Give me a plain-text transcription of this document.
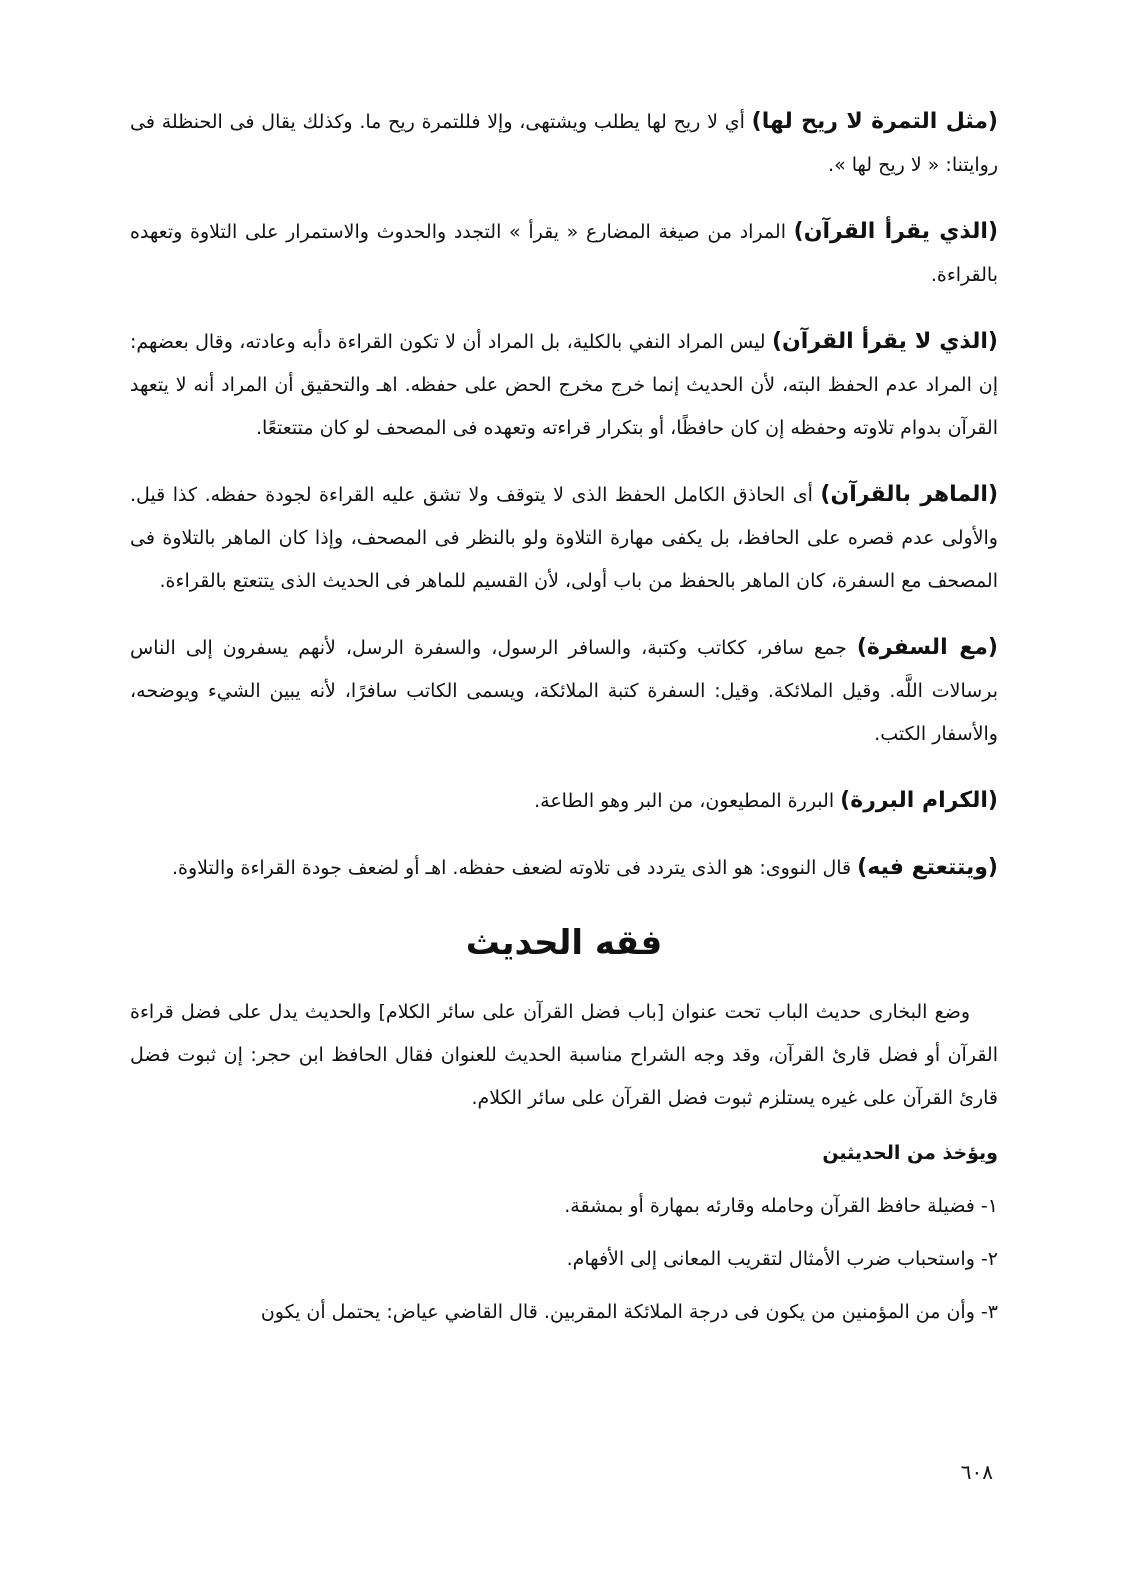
(مثل التمرة لا ريح لها) أي لا ريح لها يطلب ويشتهى، وإلا فللتمرة ريح ما. وكذلك يقال فى الحنظلة فى روايتنا: « لا ريح لها ».

(الذي يقرأ القرآن) المراد من صيغة المضارع « يقرأ » التجدد والحدوث والاستمرار على التلاوة وتعهده بالقراءة.

(الذي لا يقرأ القرآن) ليس المراد النفي بالكلية، بل المراد أن لا تكون القراءة دأبه وعادته، وقال بعضهم: إن المراد عدم الحفظ البته، لأن الحديث إنما خرج مخرج الحض على حفظه. اهـ والتحقيق أن المراد أنه لا يتعهد القرآن بدوام تلاوته وحفظه إن كان حافظًا، أو بتكرار قراءته وتعهده فى المصحف لو كان متتعتعًا.

(الماهر بالقرآن) أى الحاذق الكامل الحفظ الذى لا يتوقف ولا تشق عليه القراءة لجودة حفظه. كذا قيل. والأولى عدم قصره على الحافظ، بل يكفى مهارة التلاوة ولو بالنظر فى المصحف، وإذا كان الماهر بالتلاوة فى المصحف مع السفرة، كان الماهر بالحفظ من باب أولى، لأن القسيم للماهر فى الحديث الذى يتتعتع بالقراءة.

(مع السفرة) جمع سافر، ككاتب وكتبة، والسافر الرسول، والسفرة الرسل، لأنهم يسفرون إلى الناس برسالات اللَّه. وقيل الملائكة. وقيل: السفرة كتبة الملائكة، ويسمى الكاتب سافرًا، لأنه يبين الشيء ويوضحه، والأسفار الكتب.

(الكرام البررة) البررة المطيعون، من البر وهو الطاعة.

(ويتتعتع فيه) قال النووى: هو الذى يتردد فى تلاوته لضعف حفظه. اهـ أو لضعف جودة القراءة والتلاوة.

فقه الحديث

وضع البخارى حديث الباب تحت عنوان [باب فضل القرآن على سائر الكلام] والحديث يدل على فضل قراءة القرآن أو فضل قارئ القرآن، وقد وجه الشراح مناسبة الحديث للعنوان فقال الحافظ ابن حجر: إن ثبوت فضل قارئ القرآن على غيره يستلزم ثبوت فضل القرآن على سائر الكلام.

ويؤخذ من الحديثين

١- فضيلة حافظ القرآن وحامله وقارئه بمهارة أو بمشقة.

٢- واستحباب ضرب الأمثال لتقريب المعانى إلى الأفهام.

٣- وأن من المؤمنين من يكون فى درجة الملائكة المقربين. قال القاضي عياض: يحتمل أن يكون

٦٠٨
